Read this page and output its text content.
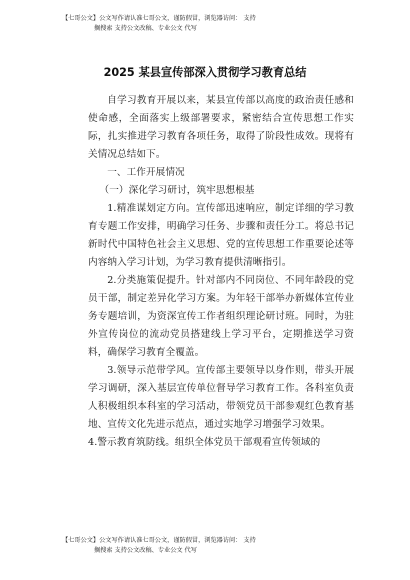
【七哥公文】公文写作请认准七哥公文，谨防假冒，浏览器访问： 支持
搁搜索 支持公文改稿、专业公文 代写
2025 某县宣传部深入贯彻学习教育总结

自学习教育开展以来，某县宣传部以高度的政治责任感和使命感，全面落实上级部署要求，紧密结合宣传思想工作实际，扎实推进学习教育各项任务，取得了阶段性成效。现将有关情况总结如下。

一、工作开展情况

（一）深化学习研讨，筑牢思想根基

1.精准谋划定方向。宣传部迅速响应，制定详细的学习教育专题工作安排，明确学习任务、步骤和责任分工。将总书记新时代中国特色社会主义思想、党的宣传思想工作重要论述等内容纳入学习计划，为学习教育提供清晰指引。

2.分类施策促提升。针对部内不同岗位、不同年龄段的党员干部，制定差异化学习方案。为年轻干部举办新媒体宣传业务专题培训，为资深宣传工作者组织理论研讨班。同时，为驻外宣传岗位的流动党员搭建线上学习平台，定期推送学习资料，确保学习教育全覆盖。

3.领导示范带学风。宣传部主要领导以身作则，带头开展学习调研，深入基层宣传单位督导学习教育工作。各科室负责人积极组织本科室的学习活动，带领党员干部参观红色教育基地、宣传文化先进示范点，通过实地学习增强学习效果。

4.警示教育筑防线。组织全体党员干部观看宣传领域的

【七哥公文】公文写作请认准七哥公文，谨防假冒，浏览器访问： 支持
搁搜索 支持公文改稿、专业公文 代写
